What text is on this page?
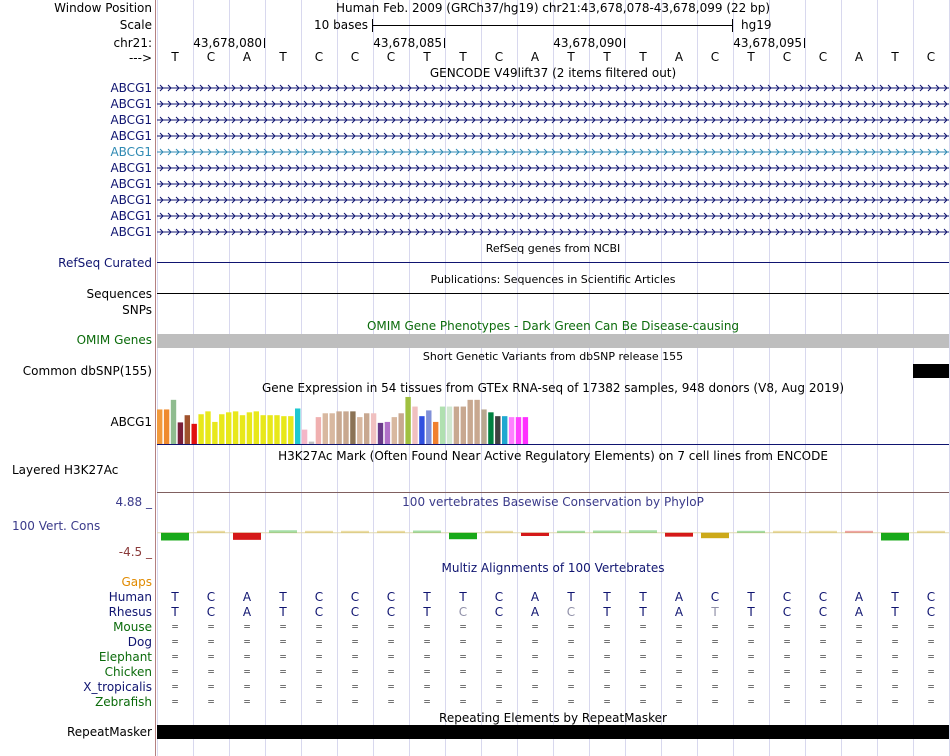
Window Position	Human Feb. 2009 (GRCh37/hg19) chr21:43,678,078-43,678,099 (22 bp)
Scale	10 bases	hg19
chr21:	43,678,080	43,678,085	43,678,090	43,678,095
--->	T	C	A	T	C	C	C	T	T	C	A	T	T	T	A	C	T	C	C	A	T	C
GENCODE V49lift37 (2 items filtered out)
ABCG1
ABCG1
ABCG1
ABCG1
ABCG1
ABCG1
ABCG1
ABCG1
ABCG1
ABCG1
RefSeq genes from NCBI
RefSeq Curated
Publications: Sequences in Scientific Articles
Sequences
SNPs
OMIM Gene Phenotypes - Dark Green Can Be Disease-causing
OMIM Genes
Short Genetic Variants from dbSNP release 155
Common dbSNP(155)
Gene Expression in 54 tissues from GTEx RNA-seq of 17382 samples, 948 donors (V8, Aug 2019)
ABCG1
H3K27Ac Mark (Often Found Near Active Regulatory Elements) on 7 cell lines from ENCODE
Layered H3K27Ac
100 vertebrates Basewise Conservation by PhyloP
4.88 _
100 Vert. Cons
-4.5 _
Multiz Alignments of 100 Vertebrates
Gaps
Human	T	C	A	T	C	C	C	T	T	C	A	T	T	T	A	C	T	C	C	A	T	C
Rhesus	T	C	A	T	C	C	C	T	C	C	A	C	T	T	A	T	T	C	C	A	T	C
Mouse	=	=	=	=	=	=	=	=	=	=	=	=	=	=	=	=	=	=	=	=	=	=
Dog	=	=	=	=	=	=	=	=	=	=	=	=	=	=	=	=	=	=	=	=	=	=
Elephant	=	=	=	=	=	=	=	=	=	=	=	=	=	=	=	=	=	=	=	=	=	=
Chicken	=	=	=	=	=	=	=	=	=	=	=	=	=	=	=	=	=	=	=	=	=	=
X_tropicalis	=	=	=	=	=	=	=	=	=	=	=	=	=	=	=	=	=	=	=	=	=	=
Zebrafish	=	=	=	=	=	=	=	=	=	=	=	=	=	=	=	=	=	=	=	=	=	=
Repeating Elements by RepeatMasker
RepeatMasker
